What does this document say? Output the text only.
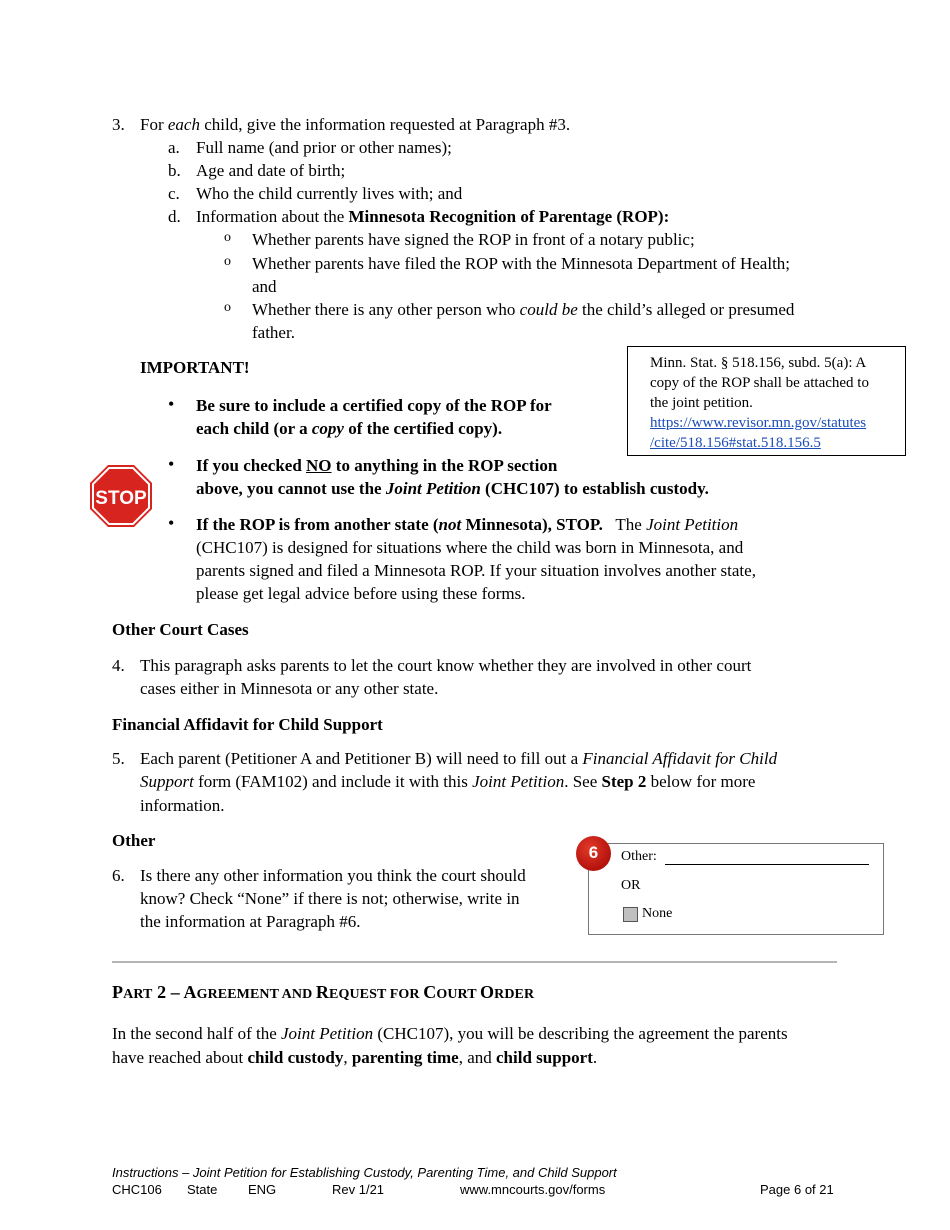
3. For each child, give the information requested at Paragraph #3.
a. Full name (and prior or other names);
b. Age and date of birth;
c. Who the child currently lives with; and
d. Information about the Minnesota Recognition of Parentage (ROP):
o Whether parents have signed the ROP in front of a notary public;
o Whether parents have filed the ROP with the Minnesota Department of Health;
and
o Whether there is any other person who could be the child’s alleged or presumed
father.
IMPORTANT!
• Be sure to include a certified copy of the ROP for
each child (or a copy of the certified copy).
• If you checked NO to anything in the ROP section
above, you cannot use the Joint Petition (CHC107) to establish custody.
• If the ROP is from another state (not Minnesota), STOP.   The Joint Petition
(CHC107) is designed for situations where the child was born in Minnesota, and
parents signed and filed a Minnesota ROP. If your situation involves another state,
please get legal advice before using these forms.
STOP
Minn. Stat. § 518.156, subd. 5(a): A
copy of the ROP shall be attached to
the joint petition.
https://www.revisor.mn.gov/statutes
/cite/518.156#stat.518.156.5
Other Court Cases
4. This paragraph asks parents to let the court know whether they are involved in other court
cases either in Minnesota or any other state.
Financial Affidavit for Child Support
5. Each parent (Petitioner A and Petitioner B) will need to fill out a Financial Affidavit for Child
Support form (FAM102) and include it with this Joint Petition. See Step 2 below for more
information.
Other
6. Is there any other information you think the court should
know? Check “None” if there is not; otherwise, write in
the information at Paragraph #6.
Other:
OR
None
6
PART 2 – AGREEMENT AND REQUEST FOR COURT ORDER
In the second half of the Joint Petition (CHC107), you will be describing the agreement the parents
have reached about child custody, parenting time, and child support.
Instructions – Joint Petition for Establishing Custody, Parenting Time, and Child Support
CHC106 State ENG	Rev 1/21	www.mncourts.gov/forms	Page 6 of 21
